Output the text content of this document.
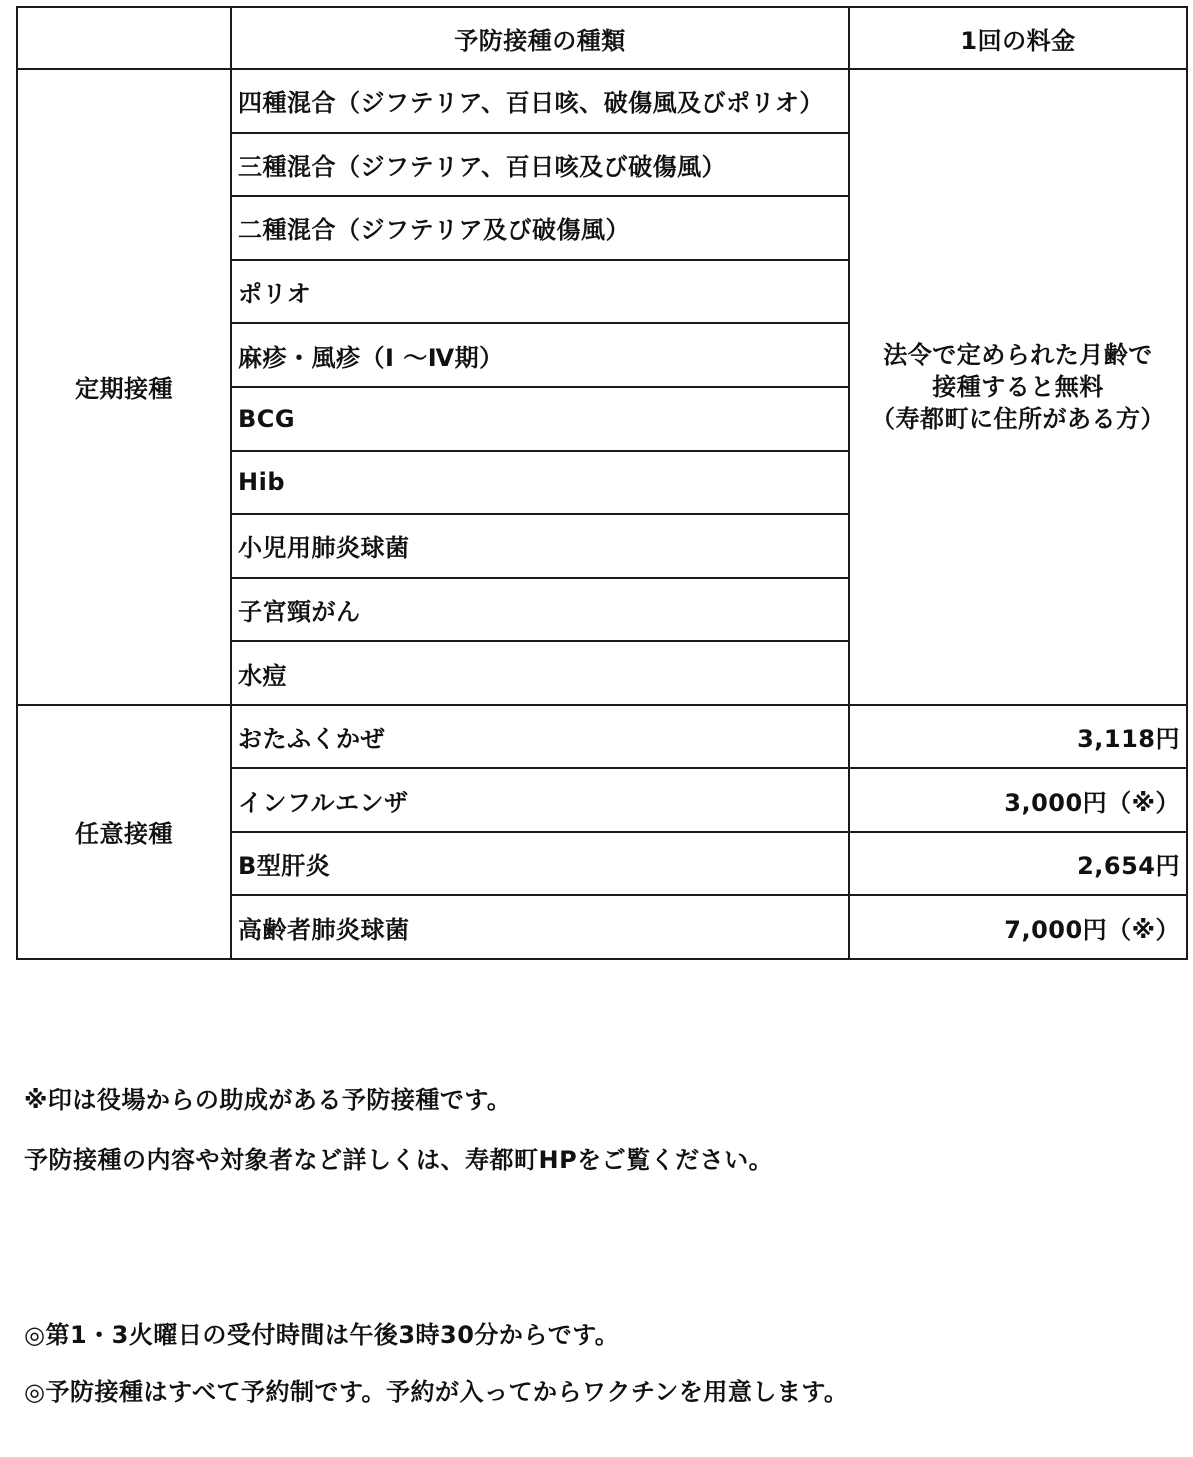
	予防接種の種類	1回の料金
定期接種	四種混合（ジフテリア、百日咳、破傷風及びポリオ）	法令で定められた月齢で
接種すると無料
（寿都町に住所がある方）

	三種混合（ジフテリア、百日咳及び破傷風）	
	二種混合（ジフテリア及び破傷風）	
	ポリオ	
	麻疹・風疹（Ⅰ ～Ⅳ期）	
	BCG	
	Hib	
	小児用肺炎球菌	
	子宮頸がん	
	水痘	
任意接種	おたふくかぜ	3,118円
	インフルエンザ	3,000円（※）
	B型肝炎	2,654円
	高齢者肺炎球菌	7,000円（※）
※印は役場からの助成がある予防接種です。
予防接種の内容や対象者など詳しくは、寿都町HPをご覧ください。
◎第1・3火曜日の受付時間は午後3時30分からです。
◎予防接種はすべて予約制です。予約が入ってからワクチンを用意します。
